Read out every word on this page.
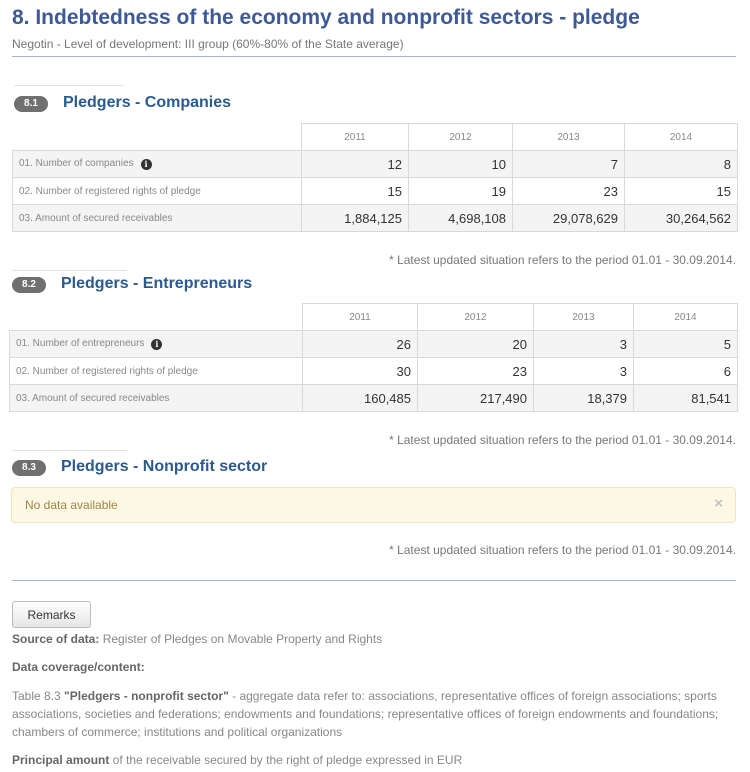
8. Indebtedness of the economy and nonprofit sectors - pledge
Negotin - Level of development: III group (60%-80% of the State average)
8.1	Pledgers - Companies
	2011	2012	2013	2014
01. Number of companies i	12	10	7	8
02. Number of registered rights of pledge	15	19	23	15
03. Amount of secured receivables	1,884,125	4,698,108	29,078,629	30,264,562
* Latest updated situation refers to the period 01.01 - 30.09.2014.
8.2	Pledgers - Entrepreneurs
	2011	2012	2013	2014
01. Number of entrepreneurs i	26	20	3	5
02. Number of registered rights of pledge	30	23	3	6
03. Amount of secured receivables	160,485	217,490	18,379	81,541
* Latest updated situation refers to the period 01.01 - 30.09.2014.
8.3	Pledgers - Nonprofit sector
No data available	×
* Latest updated situation refers to the period 01.01 - 30.09.2014.
Remarks
Source of data: Register of Pledges on Movable Property and Rights
Data coverage/content:
Table 8.3 "Pledgers - nonprofit sector" - aggregate data refer to: associations, representative offices of foreign associations; sports associations, societies and federations; endowments and foundations; representative offices of foreign endowments and foundations; chambers of commerce; institutions and political organizations
Principal amount of the receivable secured by the right of pledge expressed in EUR
